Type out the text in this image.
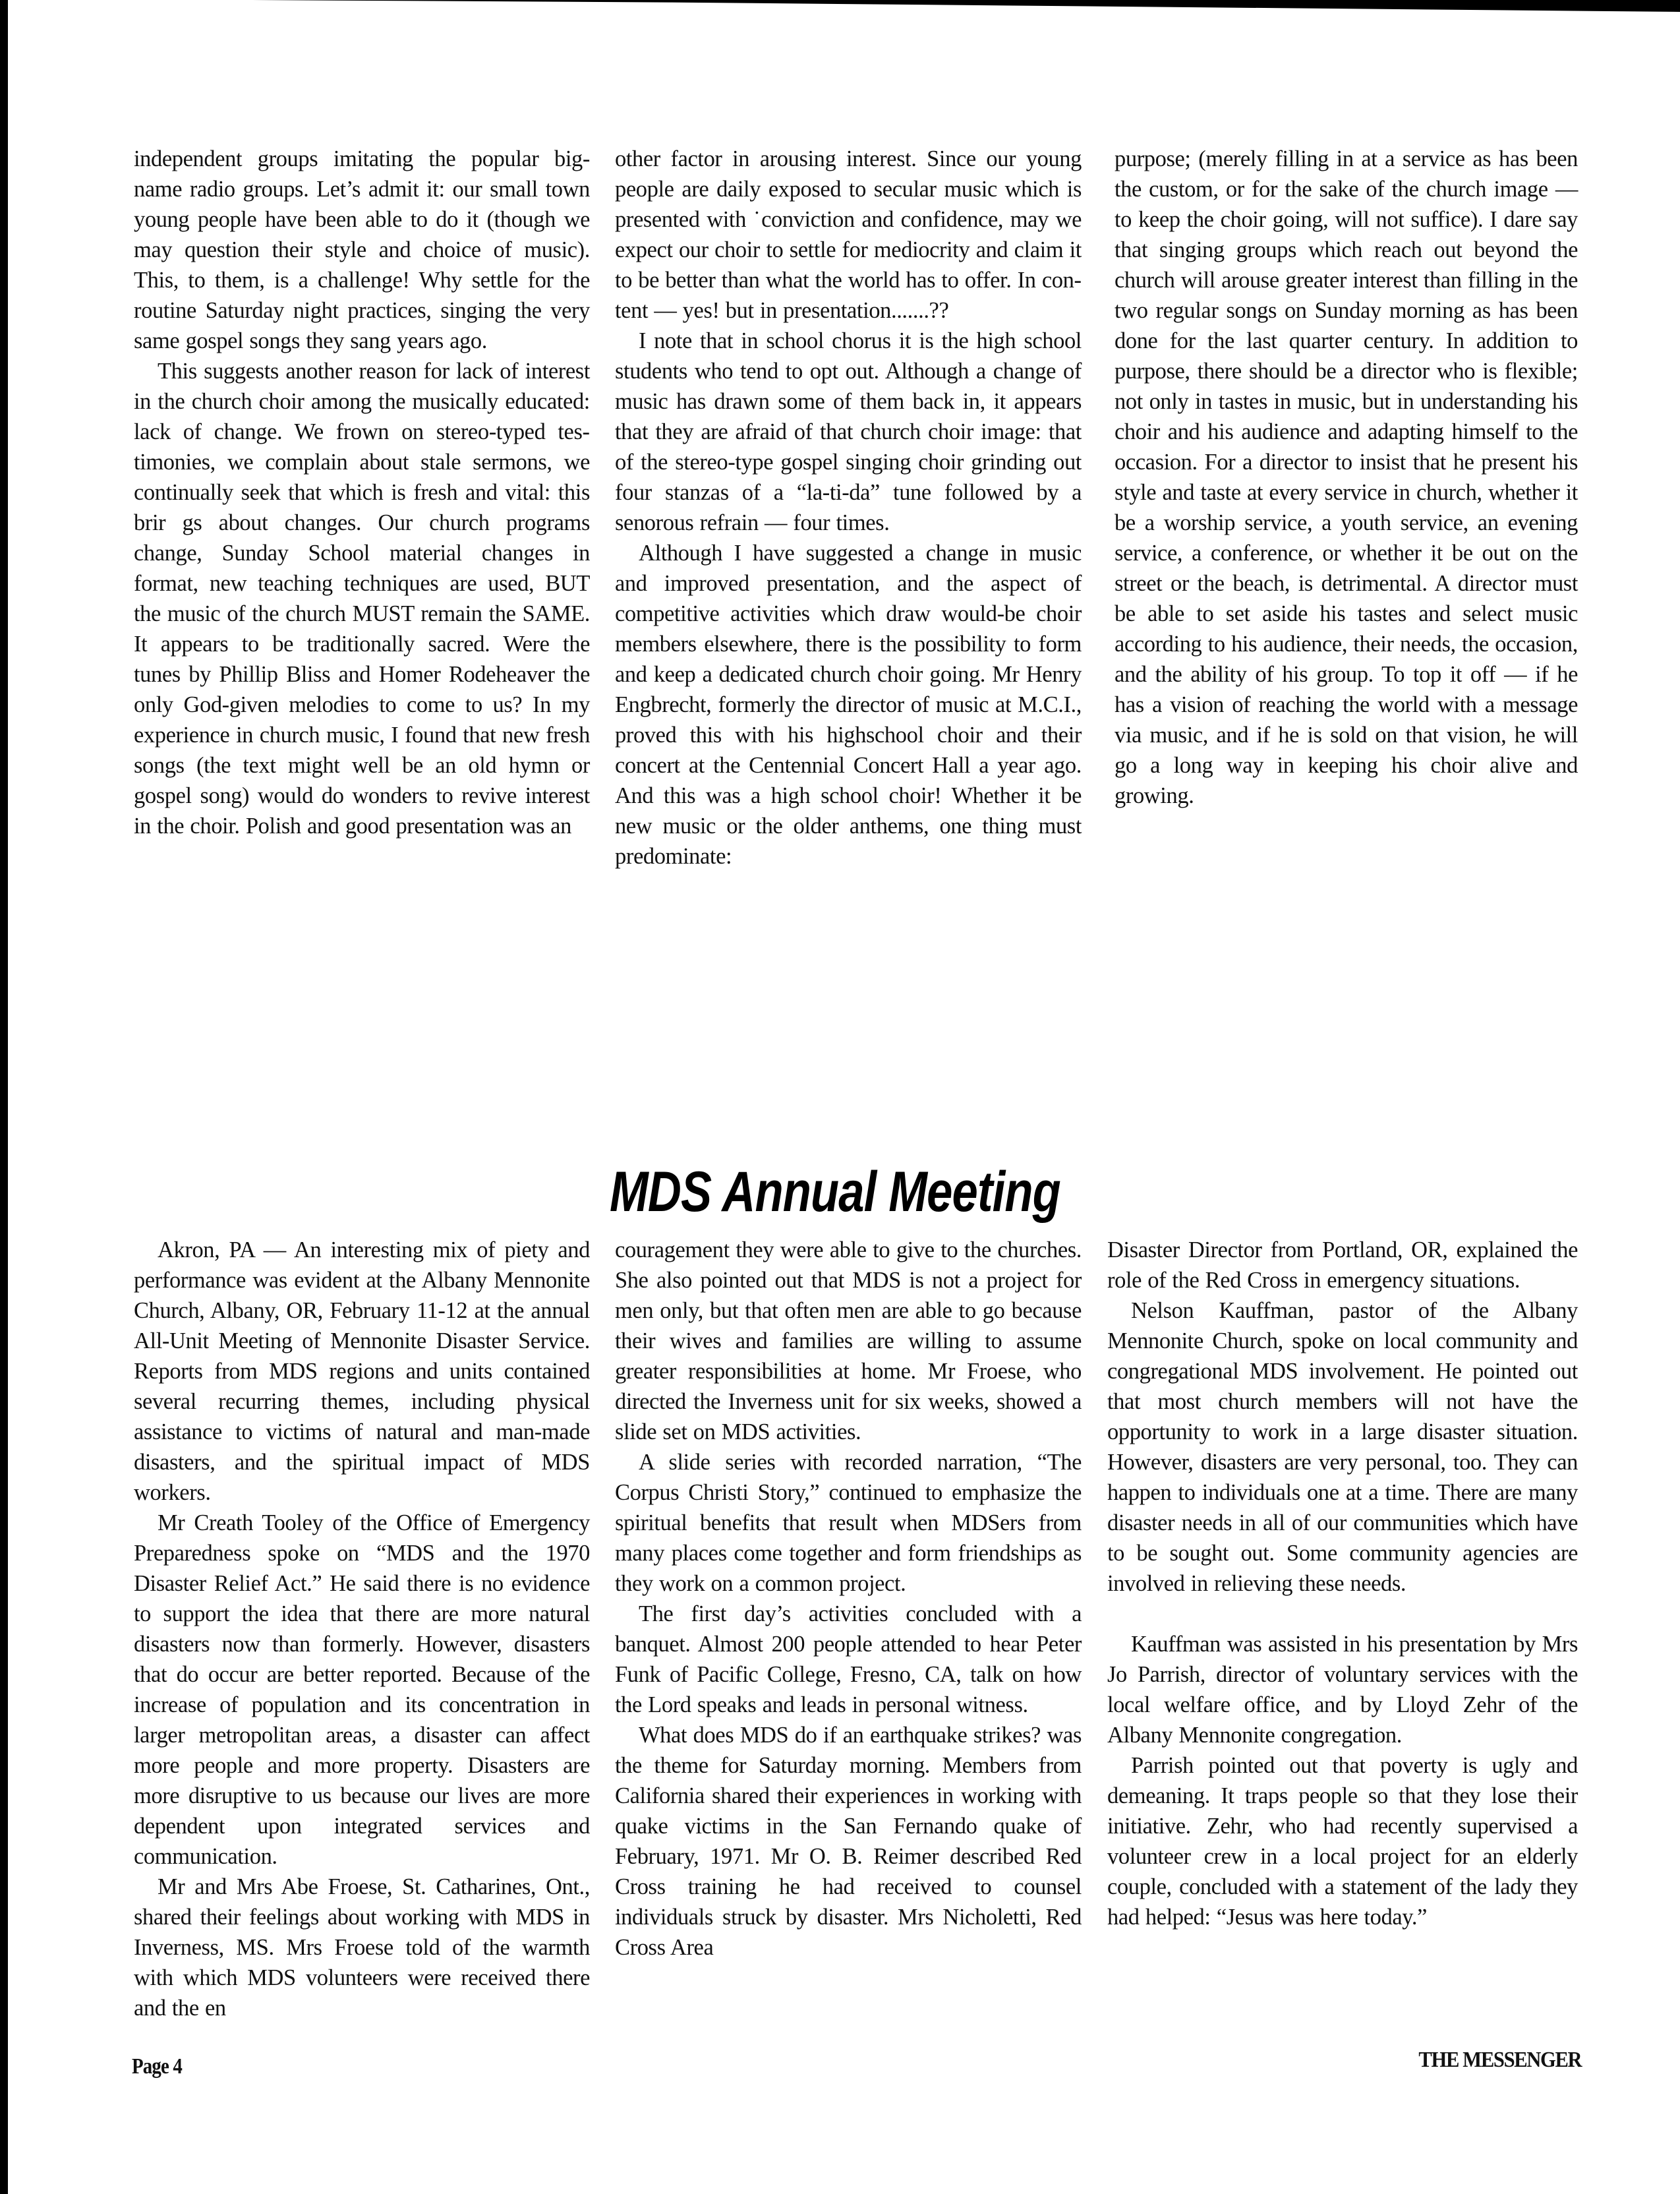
independent groups imitating the popular big-name radio groups. Let’s admit it: our small town young people have been able to do it (though we may question their style and choice of music). This, to them, is a challenge! Why settle for the routine Saturday night practices, singing the very same gospel songs they sang years ago.

This suggests another reason for lack of interest in the church choir among the musically educated: lack of change. We frown on stereo-typed testimonies, we complain about stale sermons, we continually seek that which is fresh and vital: this brir gs about changes. Our church programs change, Sunday School material changes in format, new teaching techniques are used, BUT the music of the church MUST remain the SAME. It appears to be traditionally sacred. Were the tunes by Phillip Bliss and Homer Rodeheaver the only God-given melodies to come to us? In my experience in church music, I found that new fresh songs (the text might well be an old hymn or gospel song) would do wonders to revive interest in the choir. Polish and good presentation was an

other factor in arousing interest. Since our young people are daily exposed to secular music which is presented with ˙conviction and confidence, may we expect our choir to settle for mediocrity and claim it to be better than what the world has to offer. In content — yes! but in presentation.......??

I note that in school chorus it is the high school students who tend to opt out. Although a change of music has drawn some of them back in, it appears that they are afraid of that church choir image: that of the stereo-type gospel singing choir grinding out four stanzas of a “la-ti-da” tune followed by a senorous refrain — four times.

Although I have suggested a change in music and improved presentation, and the aspect of competitive activities which draw would-be choir members elsewhere, there is the possibility to form and keep a dedicated church choir going. Mr Henry Engbrecht, formerly the director of music at M.C.I., proved this with his highschool choir and their concert at the Centennial Concert Hall a year ago. And this was a high school choir! Whether it be new music or the older anthems, one thing must predominate:

purpose; (merely filling in at a service as has been the custom, or for the sake of the church image — to keep the choir going, will not suffice). I dare say that singing groups which reach out beyond the church will arouse greater interest than filling in the two regular songs on Sunday morning as has been done for the last quarter century. In addition to purpose, there should be a director who is flexible; not only in tastes in music, but in understanding his choir and his audience and adapting himself to the occasion. For a director to insist that he present his style and taste at every service in church, whether it be a worship service, a youth service, an evening service, a conference, or whether it be out on the street or the beach, is detrimental. A director must be able to set aside his tastes and select music according to his audience, their needs, the occasion, and the ability of his group. To top it off — if he has a vision of reaching the world with a message via music, and if he is sold on that vision, he will go a long way in keeping his choir alive and growing.

MDS Annual Meeting

Akron, PA — An interesting mix of piety and performance was evident at the Albany Mennonite Church, Albany, OR, February 11-12 at the annual All-Unit Meeting of Mennonite Disaster Service. Reports from MDS regions and units contained several recurring themes, including physical assistance to victims of natural and man-made disasters, and the spiritual impact of MDS workers.

Mr Creath Tooley of the Office of Emergency Preparedness spoke on “MDS and the 1970 Disaster Relief Act.” He said there is no evidence to support the idea that there are more natural disasters now than formerly. However, disasters that do occur are better reported. Because of the increase of population and its concentration in larger metropolitan areas, a disaster can affect more people and more property. Disasters are more disruptive to us because our lives are more dependent upon integrated services and communication.

Mr and Mrs Abe Froese, St. Catharines, Ont., shared their feelings about working with MDS in Inverness, MS. Mrs Froese told of the warmth with which MDS volunteers were received there and the en

couragement they were able to give to the churches. She also pointed out that MDS is not a project for men only, but that often men are able to go because their wives and families are willing to assume greater responsibilities at home. Mr Froese, who directed the Inverness unit for six weeks, showed a slide set on MDS activities.

A slide series with recorded narration, “The Corpus Christi Story,” continued to emphasize the spiritual benefits that result when MDSers from many places come together and form friendships as they work on a common project.

The first day’s activities concluded with a banquet. Almost 200 people attended to hear Peter Funk of Pacific College, Fresno, CA, talk on how the Lord speaks and leads in personal witness.

What does MDS do if an earthquake strikes? was the theme for Saturday morning. Members from California shared their experiences in working with quake victims in the San Fernando quake of February, 1971. Mr O. B. Reimer described Red Cross training he had received to counsel individuals struck by disaster. Mrs Nicholetti, Red Cross Area

Disaster Director from Portland, OR, explained the role of the Red Cross in emergency situations.

Nelson Kauffman, pastor of the Albany Mennonite Church, spoke on local community and congregational MDS involvement. He pointed out that most church members will not have the opportunity to work in a large disaster situation. However, disasters are very personal, too. They can happen to individuals one at a time. There are many disaster needs in all of our communities which have to be sought out. Some community agencies are involved in relieving these needs.

Kauffman was assisted in his presentation by Mrs Jo Parrish, director of voluntary services with the local welfare office, and by Lloyd Zehr of the Albany Mennonite congregation.

Parrish pointed out that poverty is ugly and demeaning. It traps people so that they lose their initiative. Zehr, who had recently supervised a volunteer crew in a local project for an elderly couple, concluded with a statement of the lady they had helped: “Jesus was here today.”

Page 4	THE MESSENGER
